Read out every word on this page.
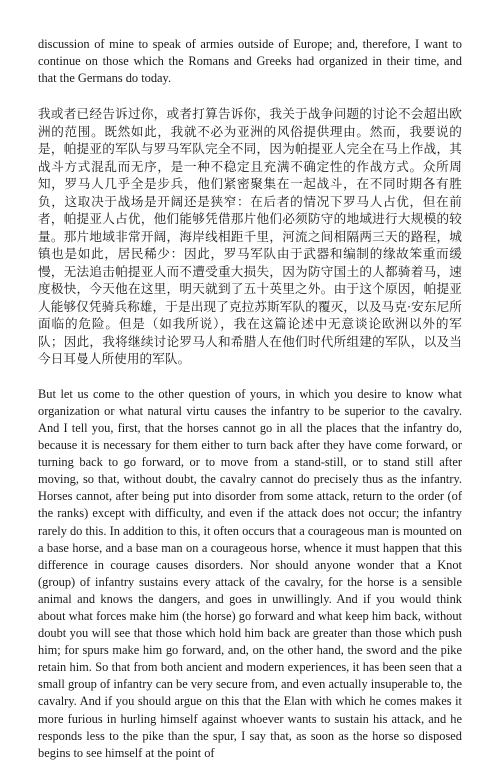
discussion of mine to speak of armies outside of Europe; and, therefore, I want to continue on those which the Romans and Greeks had organized in their time, and that the Germans do today.

我或者已经告诉过你，或者打算告诉你，我关于战争问题的讨论不会超出欧洲的范围。既然如此，我就不必为亚洲的风俗提供理由。然而，我要说的是，帕提亚的军队与罗马军队完全不同，因为帕提亚人完全在马上作战，其战斗方式混乱而无序，是一种不稳定且充满不确定性的作战方式。众所周知，罗马人几乎全是步兵，他们紧密聚集在一起战斗，在不同时期各有胜负，这取决于战场是开阔还是狭窄：在后者的情况下罗马人占优，但在前者，帕提亚人占优，他们能够凭借那片他们必须防守的地域进行大规模的较量。那片地域非常开阔，海岸线相距千里，河流之间相隔两三天的路程，城镇也是如此，居民稀少：因此，罗马军队由于武器和编制的缘故笨重而缓慢，无法追击帕提亚人而不遭受重大损失，因为防守国土的人都骑着马，速度极快，今天他在这里，明天就到了五十英里之外。由于这个原因，帕提亚人能够仅凭骑兵称雄，于是出现了克拉苏斯军队的覆灭，以及马克·安东尼所面临的危险。但是（如我所说），我在这篇论述中无意谈论欧洲以外的军队；因此，我将继续讨论罗马人和希腊人在他们时代所组建的军队，以及当今日耳曼人所使用的军队。

But let us come to the other question of yours, in which you desire to know what organization or what natural virtu causes the infantry to be superior to the cavalry. And I tell you, first, that the horses cannot go in all the places that the infantry do, because it is necessary for them either to turn back after they have come forward, or turning back to go forward, or to move from a stand-still, or to stand still after moving, so that, without doubt, the cavalry cannot do precisely thus as the infantry. Horses cannot, after being put into disorder from some attack, return to the order (of the ranks) except with difficulty, and even if the attack does not occur; the infantry rarely do this. In addition to this, it often occurs that a courageous man is mounted on a base horse, and a base man on a courageous horse, whence it must happen that this difference in courage causes disorders. Nor should anyone wonder that a Knot (group) of infantry sustains every attack of the cavalry, for the horse is a sensible animal and knows the dangers, and goes in unwillingly. And if you would think about what forces make him (the horse) go forward and what keep him back, without doubt you will see that those which hold him back are greater than those which push him; for spurs make him go forward, and, on the other hand, the sword and the pike retain him. So that from both ancient and modern experiences, it has been seen that a small group of infantry can be very secure from, and even actually insuperable to, the cavalry. And if you should argue on this that the Elan with which he comes makes it more furious in hurling himself against whoever wants to sustain his attack, and he responds less to the pike than the spur, I say that, as soon as the horse so disposed begins to see himself at the point of
